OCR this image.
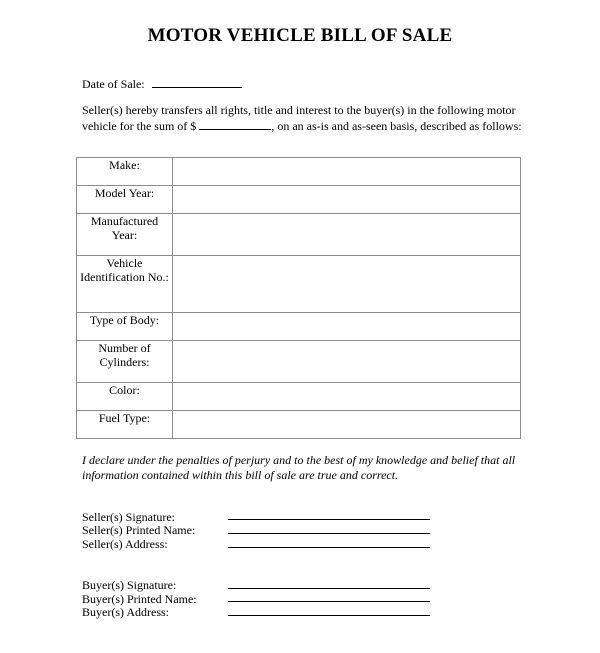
MOTOR VEHICLE BILL OF SALE
Date of Sale:
Seller(s) hereby transfers all rights, title and interest to the buyer(s) in the following motor vehicle for the sum of $	, on an as-is and as-seen basis, described as follows:
Make:	
Model Year:	
Manufactured Year:	
Vehicle Identification No.:	
Type of Body:	
Number of Cylinders:	
Color:	
Fuel Type:	
I declare under the penalties of perjury and to the best of my knowledge and belief that all information contained within this bill of sale are true and correct.
Seller(s) Signature:
Seller(s) Printed Name:
Seller(s) Address:
Buyer(s) Signature:
Buyer(s) Printed Name:
Buyer(s) Address:
